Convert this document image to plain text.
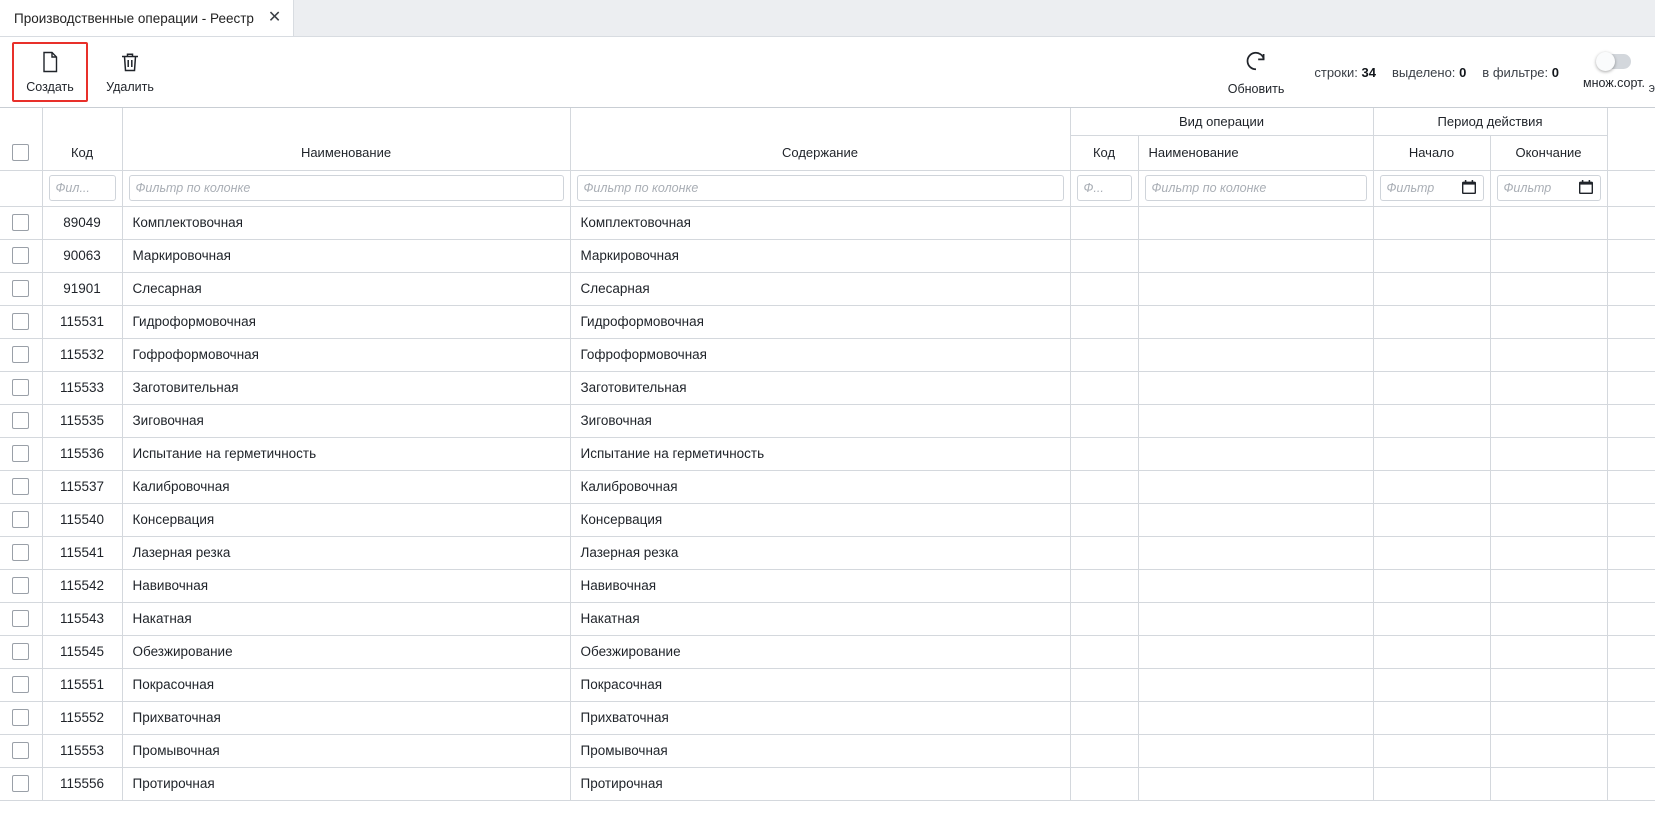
Производственные операции - Реестр ✕
Создать	Удалить	Обновить
строки: 34 выделено: 0 в фильтре: 0
множ.сорт. э
				Вид операции		Период действия		
	Код	Наименование	Содержание	Код	Наименование	Начало	Окончание	

	Фил...	Фильтр по колонке	Фильтр по колонке	Ф...	Фильтр по колонке	Фильтр	Фильтр	

	89049	Комплектовочная	Комплектовочная					
	90063	Маркировочная	Маркировочная					
	91901	Слесарная	Слесарная					
	115531	Гидроформовочная	Гидроформовочная					
	115532	Гофроформовочная	Гофроформовочная					
	115533	Заготовительная	Заготовительная					
	115535	Зиговочная	Зиговочная					
	115536	Испытание на герметичность	Испытание на герметичность					
	115537	Калибровочная	Калибровочная					
	115540	Консервация	Консервация					
	115541	Лазерная резка	Лазерная резка					
	115542	Навивочная	Навивочная					
	115543	Накатная	Накатная					
	115545	Обезжирование	Обезжирование					
	115551	Покрасочная	Покрасочная					
	115552	Прихваточная	Прихваточная					
	115553	Промывочная	Промывочная					
	115556	Протирочная	Протирочная					
